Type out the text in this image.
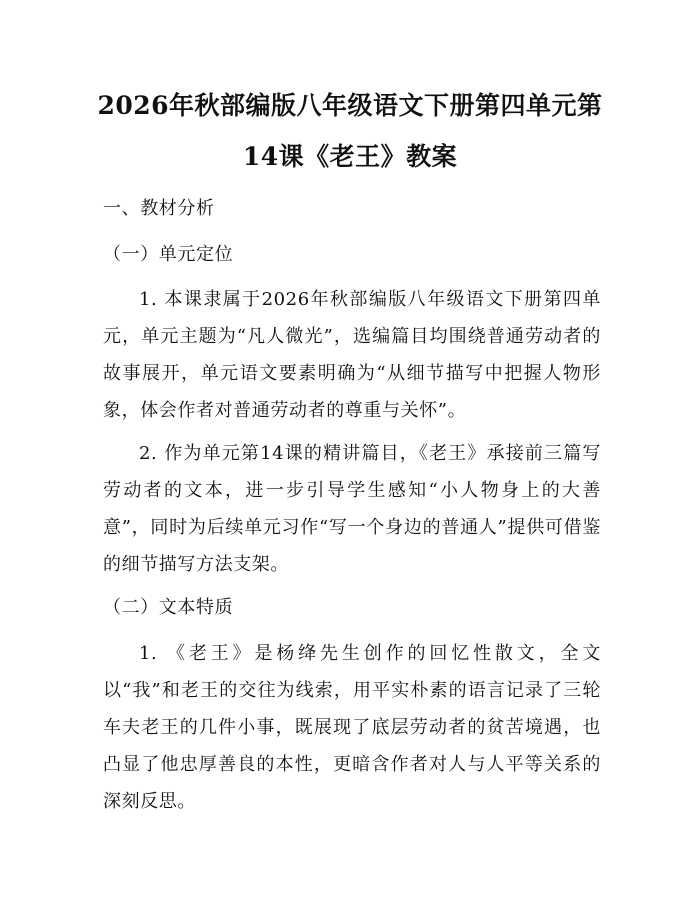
2026年秋部编版八年级语文下册第四单元第14课《老王》教案
一、教材分析
（一）单元定位

1. 本课隶属于2026年秋部编版八年级语文下册第四单元，单元主题为“凡人微光”，选编篇目均围绕普通劳动者的故事展开，单元语文要素明确为“从细节描写中把握人物形象，体会作者对普通劳动者的尊重与关怀”。

2. 作为单元第14课的精讲篇目，《老王》承接前三篇写劳动者的文本，进一步引导学生感知“小人物身上的大善意”，同时为后续单元习作“写一个身边的普通人”提供可借鉴的细节描写方法支架。

（二）文本特质

1. 《老王》是杨绛先生创作的回忆性散文，全文以“我”和老王的交往为线索，用平实朴素的语言记录了三轮车夫老王的几件小事，既展现了底层劳动者的贫苦境遇，也凸显了他忠厚善良的本性，更暗含作者对人与人平等关系的深刻反思。
